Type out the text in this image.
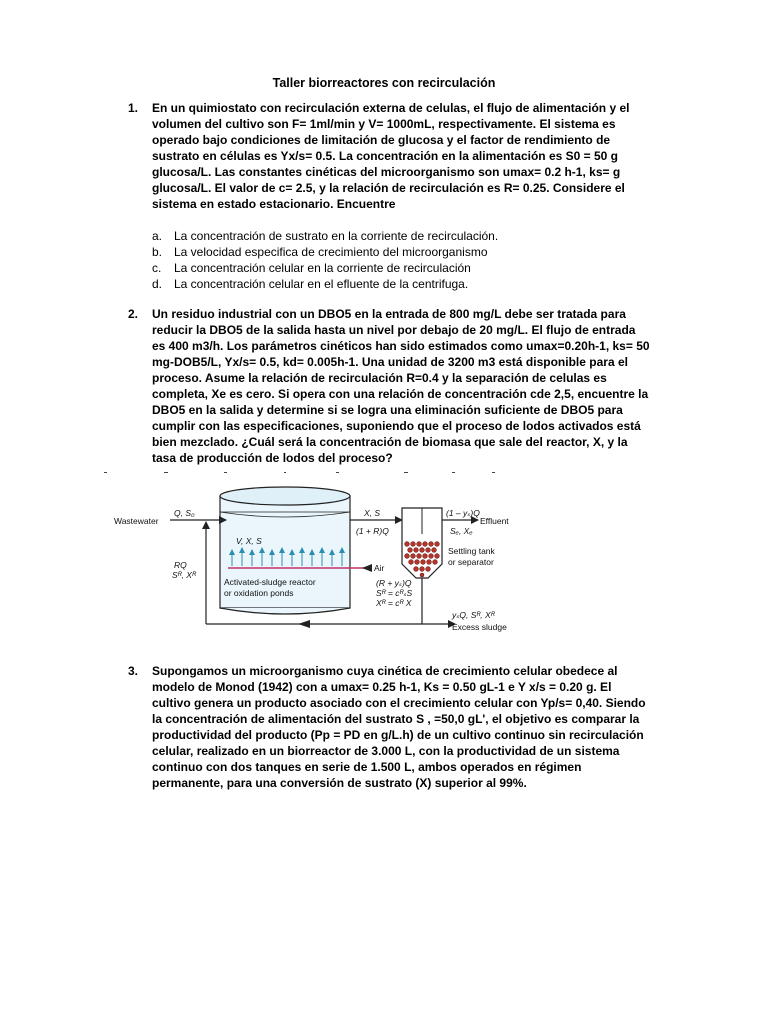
Taller biorreactores con recirculación
1. En un quimiostato con recirculación externa de celulas, el flujo de alimentación y el volumen del cultivo son F= 1ml/min y V= 1000mL, respectivamente. El sistema es operado bajo condiciones de limitación de glucosa y el factor de rendimiento de sustrato en células es Yx/s= 0.5. La concentración en la alimentación es S0 = 50 g glucosa/L. Las constantes cinéticas del microorganismo son umax= 0.2 h-1, ks= g glucosa/L. El valor de c= 2.5, y la relación de recirculación es R= 0.25. Considere el sistema en estado estacionario. Encuentre
a. La concentración de sustrato en la corriente de recirculación.
b. La velocidad especifica de crecimiento del microorganismo
c. La concentración celular en la corriente de recirculación
d. La concentración celular en el efluente de la centrifuga.
2. Un residuo industrial con un DBO5 en la entrada de 800 mg/L debe ser tratada para reducir la DBO5 de la salida hasta un nivel por debajo de 20 mg/L. El flujo de entrada es 400 m3/h. Los parámetros cinéticos han sido estimados como umax=0.20h-1, ks= 50 mg-DOB5/L, Yx/s= 0.5, kd= 0.005h-1. Una unidad de 3200 m3 está disponible para el proceso. Asume la relación de recirculación R=0.4 y la separación de celulas es completa, Xe es cero. Si opera con una relación de concentración cde 2,5, encuentre la DBO5 en la salida y determine si se logra una eliminación suficiente de DBO5 para cumplir con las especificaciones, suponiendo que el proceso de lodos activados está bien mezclado. ¿Cuál será la concentración de biomasa que sale del reactor, X, y la tasa de producción de lodos del proceso?
Wastewater
Q, S₀
V, X, S
Activated-sludge reactor
or oxidation ponds
Air
X, S
(1 + R)Q
(1 – yₛ)Q
Effluent
Sₑ, Xₑ
Settling tank
or separator
(R + yₛ)Q
Sᴿ = cᴿₛS
Xᴿ = cᴿ X
RQ
Sᴿ, Xᴿ
yₛQ, Sᴿ, Xᴿ
Excess sludge
3. Supongamos un microorganismo cuya cinética de crecimiento celular obedece al modelo de Monod (1942) con a umax= 0.25 h-1, Ks = 0.50 gL-1 e Y x/s = 0.20 g. El cultivo genera un producto asociado con el crecimiento celular con Yp/s= 0,40. Siendo la concentración de alimentación del sustrato S , =50,0 gL', el objetivo es comparar la productividad del producto (Pp = PD en g/L.h) de un cultivo continuo sin recirculación celular, realizado en un biorreactor de 3.000 L, con la productividad de un sistema continuo con dos tanques en serie de 1.500 L, ambos operados en régimen permanente, para una conversión de sustrato (X) superior al 99%.
